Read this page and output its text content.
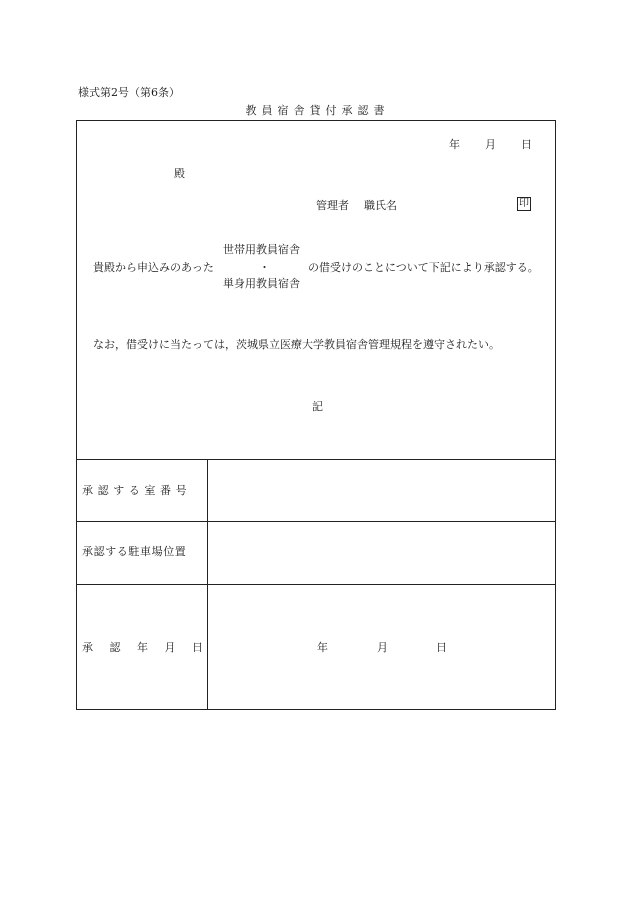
様式第2号（第6条）
教員宿舎貸付承認書
年 月 日
殿
管理者 職氏名	印
世帯用教員宿舎
・
単身用教員宿舎
貴殿から申込みのあった	の借受けのことについて下記により承認する。
なお，借受けに当たっては，茨城県立医療大学教員宿舎管理規程を遵守されたい。
記
承認する室番号
承認する駐車場位置
承 認 年 月 日	年	月	日
